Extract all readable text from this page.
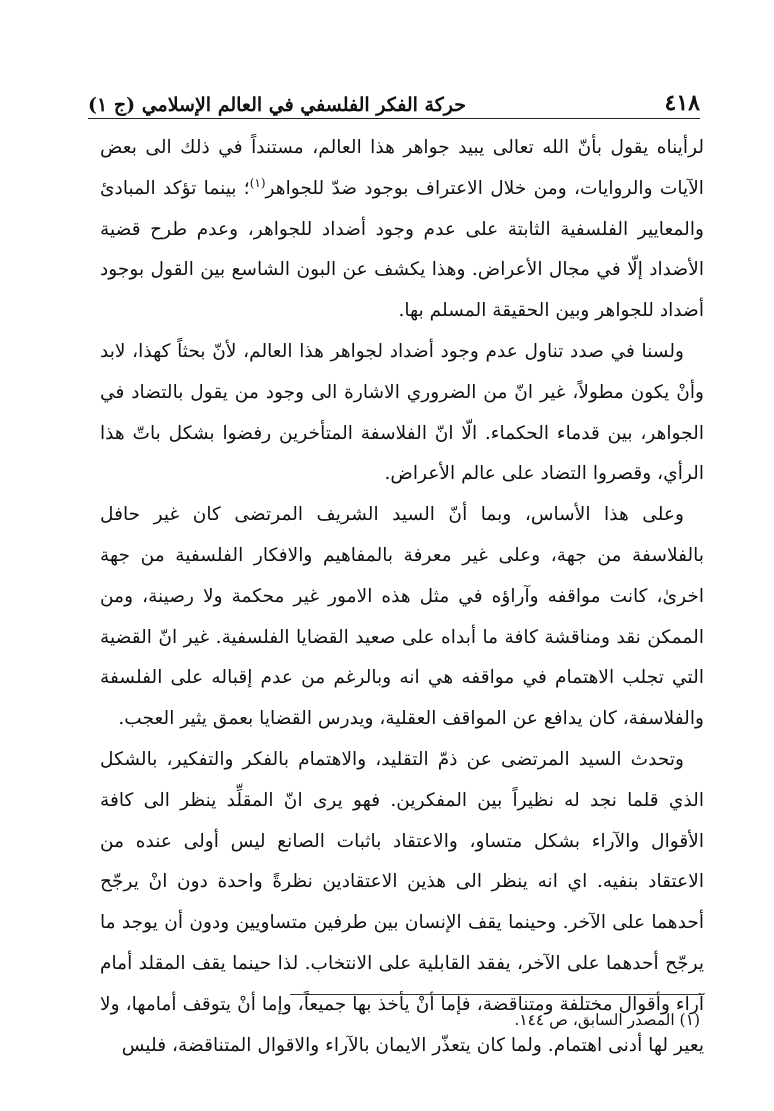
٤١٨
حركة الفكر الفلسفي في العالم الإسلامي (ج ١)

لرأيناه يقول بأنّ الله تعالى يبيد جواهر هذا العالم، مستنداً في ذلك الى بعض الآيات والروايات، ومن خلال الاعتراف بوجود ضدّ للجواهر$^{(١)}$؛ بينما تؤكد المبادئ والمعايير الفلسفية الثابتة على عدم وجود أضداد للجواهر، وعدم طرح قضية الأضداد إلّا في مجال الأعراض. وهذا يكشف عن البون الشاسع بين القول بوجود أضداد للجواهر وبين الحقيقة المسلم بها.

ولسنا في صدد تناول عدم وجود أضداد لجواهر هذا العالم، لأنّ بحثاً كهذا، لابد وأنْ يكون مطولاً، غير انّ من الضروري الاشارة الى وجود من يقول بالتضاد في الجواهر، بين قدماء الحكماء. الّا انّ الفلاسفة المتأخرين رفضوا بشكل باتّ هذا الرأي، وقصروا التضاد على عالم الأعراض.

وعلى هذا الأساس، وبما أنّ السيد الشريف المرتضى كان غير حافل بالفلاسفة من جهة، وعلى غير معرفة بالمفاهيم والافكار الفلسفية من جهة اخرىٰ، كانت مواقفه وآراؤه في مثل هذه الامور غير محكمة ولا رصينة، ومن الممكن نقد ومناقشة كافة ما أبداه على صعيد القضايا الفلسفية. غير انّ القضية التي تجلب الاهتمام في مواقفه هي انه وبالرغم من عدم إقباله على الفلسفة والفلاسفة، كان يدافع عن المواقف العقلية، ويدرس القضايا بعمق يثير العجب.

وتحدث السيد المرتضى عن ذمّ التقليد، والاهتمام بالفكر والتفكير، بالشكل الذي قلما نجد له نظيراً بين المفكرين. فهو يرى انّ المقلِّد ينظر الى كافة الأقوال والآراء بشكل متساو، والاعتقاد باثبات الصانع ليس أولى عنده من الاعتقاد بنفيه. اي انه ينظر الى هذين الاعتقادين نظرةً واحدة دون انْ يرجّح أحدهما على الآخر. وحينما يقف الإنسان بين طرفين متساويين ودون أن يوجد ما يرجّح أحدهما على الآخر، يفقد القابلية على الانتخاب. لذا حينما يقف المقلد أمام آراء وأقوال مختلفة ومتناقضة، فإما أنْ يأخذ بها جميعاً، وإما أنْ يتوقف أمامها، ولا يعير لها أدنى اهتمام. ولما كان يتعذّر الايمان بالآراء والاقوال المتناقضة، فليس

(١) المصدر السابق، ص ١٤٤.
